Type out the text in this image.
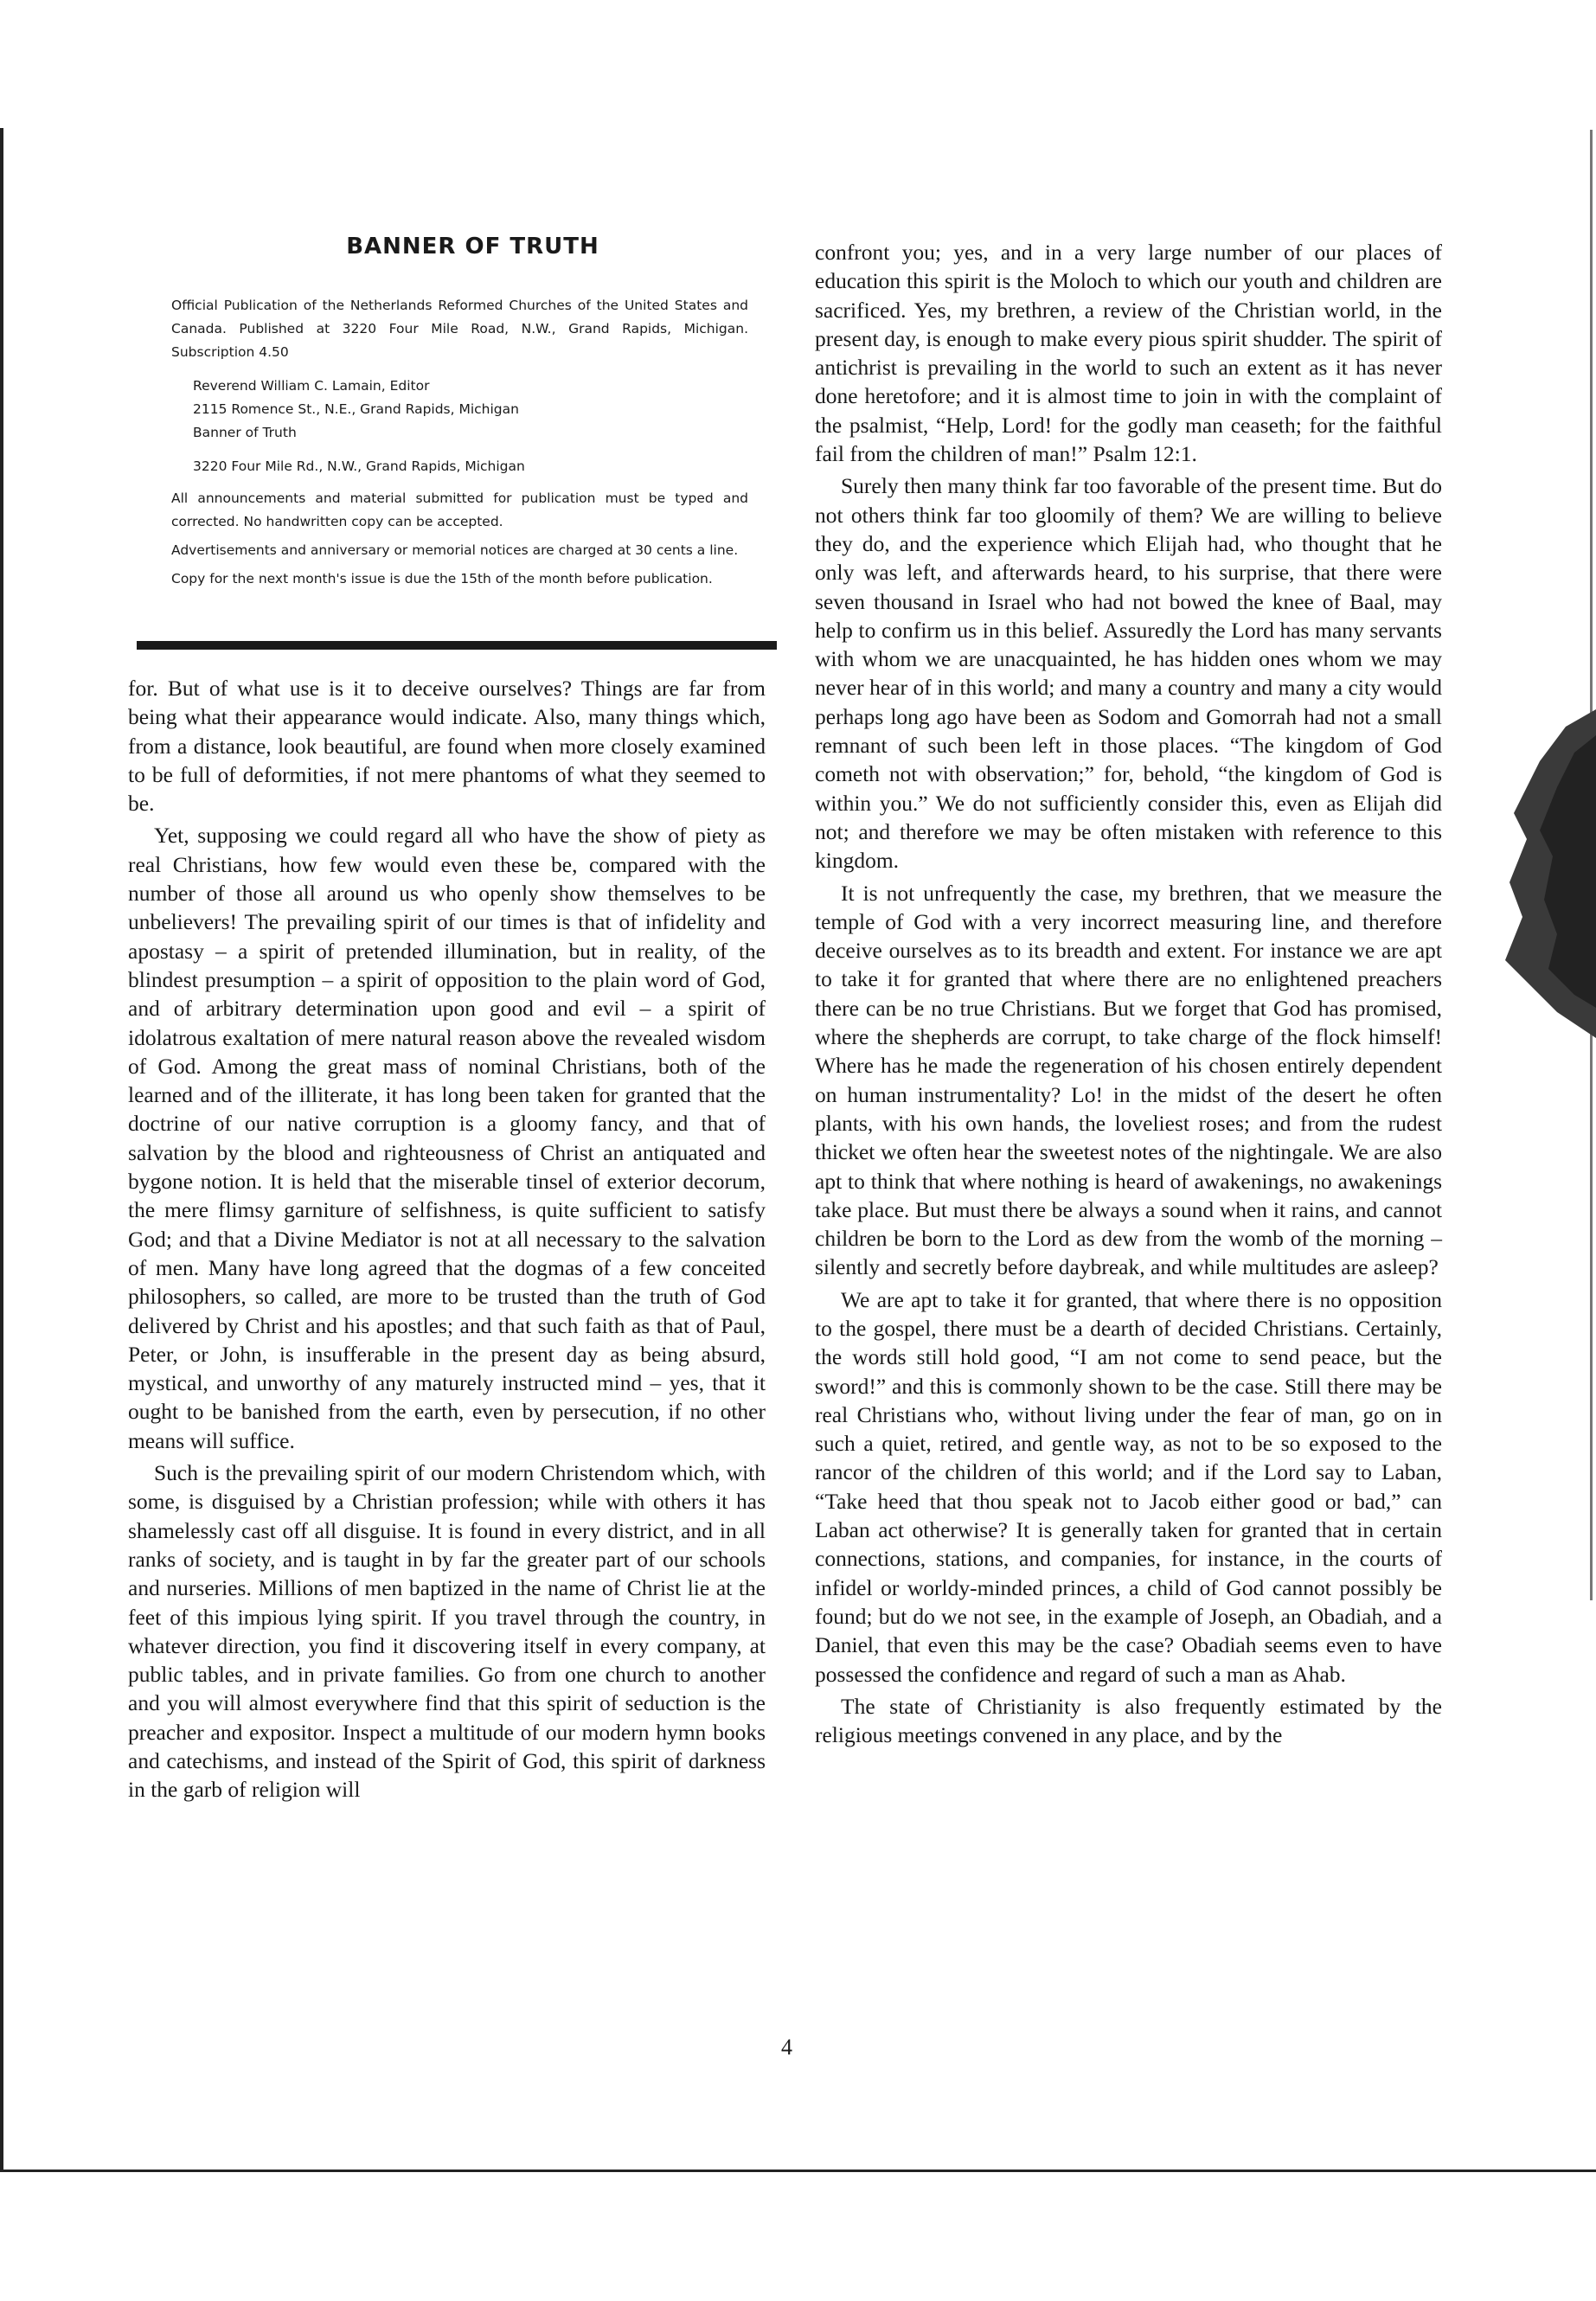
BANNER OF TRUTH

Official Publication of the Netherlands Reformed Churches of the United States and Canada. Published at 3220 Four Mile Road, N.W., Grand Rapids, Michigan. Subscription 4.50

Reverend William C. Lamain, Editor

2115 Romence St., N.E., Grand Rapids, Michigan

Banner of Truth

3220 Four Mile Rd., N.W., Grand Rapids, Michigan

All announcements and material submitted for publication must be typed and corrected. No handwritten copy can be accepted.

Advertisements and anniversary or memorial notices are charged at 30 cents a line.

Copy for the next month's issue is due the 15th of the month before publication.

for. But of what use is it to deceive ourselves? Things are far from being what their appearance would indicate. Also, many things which, from a distance, look beautiful, are found when more closely examined to be full of deformities, if not mere phantoms of what they seemed to be.

Yet, supposing we could regard all who have the show of piety as real Christians, how few would even these be, compared with the number of those all around us who openly show themselves to be unbelievers! The prevailing spirit of our times is that of infidelity and apostasy – a spirit of pretended illumination, but in reality, of the blindest presumption – a spirit of opposition to the plain word of God, and of arbitrary determination upon good and evil – a spirit of idolatrous exaltation of mere natural reason above the revealed wisdom of God. Among the great mass of nominal Christians, both of the learned and of the illiterate, it has long been taken for granted that the doctrine of our native corruption is a gloomy fancy, and that of salvation by the blood and righteousness of Christ an antiquated and bygone notion. It is held that the miserable tinsel of exterior decorum, the mere flimsy garniture of selfishness, is quite sufficient to satisfy God; and that a Divine Mediator is not at all necessary to the salvation of men. Many have long agreed that the dogmas of a few conceited philosophers, so called, are more to be trusted than the truth of God delivered by Christ and his apostles; and that such faith as that of Paul, Peter, or John, is insufferable in the present day as being absurd, mystical, and unworthy of any maturely instructed mind – yes, that it ought to be banished from the earth, even by persecution, if no other means will suffice.

Such is the prevailing spirit of our modern Christendom which, with some, is disguised by a Christian profession; while with others it has shamelessly cast off all disguise. It is found in every district, and in all ranks of society, and is taught in by far the greater part of our schools and nurseries. Millions of men baptized in the name of Christ lie at the feet of this impious lying spirit. If you travel through the country, in whatever direction, you find it discovering itself in every company, at public tables, and in private families. Go from one church to another and you will almost everywhere find that this spirit of seduction is the preacher and expositor. Inspect a multitude of our modern hymn books and catechisms, and instead of the Spirit of God, this spirit of darkness in the garb of religion will

confront you; yes, and in a very large number of our places of education this spirit is the Moloch to which our youth and children are sacrificed. Yes, my brethren, a review of the Christian world, in the present day, is enough to make every pious spirit shudder. The spirit of antichrist is prevailing in the world to such an extent as it has never done heretofore; and it is almost time to join in with the complaint of the psalmist, “Help, Lord! for the godly man ceaseth; for the faithful fail from the children of man!” Psalm 12:1.

Surely then many think far too favorable of the present time. But do not others think far too gloomily of them? We are willing to believe they do, and the experience which Elijah had, who thought that he only was left, and afterwards heard, to his surprise, that there were seven thousand in Israel who had not bowed the knee of Baal, may help to confirm us in this belief. Assuredly the Lord has many servants with whom we are unacquainted, he has hidden ones whom we may never hear of in this world; and many a country and many a city would perhaps long ago have been as Sodom and Gomorrah had not a small remnant of such been left in those places. “The kingdom of God cometh not with observation;” for, behold, “the kingdom of God is within you.” We do not sufficiently consider this, even as Elijah did not; and therefore we may be often mistaken with reference to this kingdom.

It is not unfrequently the case, my brethren, that we measure the temple of God with a very incorrect measuring line, and therefore deceive ourselves as to its breadth and extent. For instance we are apt to take it for granted that where there are no enlightened preachers there can be no true Christians. But we forget that God has promised, where the shepherds are corrupt, to take charge of the flock himself! Where has he made the regeneration of his chosen entirely dependent on human instrumentality? Lo! in the midst of the desert he often plants, with his own hands, the loveliest roses; and from the rudest thicket we often hear the sweetest notes of the nightingale. We are also apt to think that where nothing is heard of awakenings, no awakenings take place. But must there be always a sound when it rains, and cannot children be born to the Lord as dew from the womb of the morning – silently and secretly before daybreak, and while multitudes are asleep?

We are apt to take it for granted, that where there is no opposition to the gospel, there must be a dearth of decided Christians. Certainly, the words still hold good, “I am not come to send peace, but the sword!” and this is commonly shown to be the case. Still there may be real Christians who, without living under the fear of man, go on in such a quiet, retired, and gentle way, as not to be so exposed to the rancor of the children of this world; and if the Lord say to Laban, “Take heed that thou speak not to Jacob either good or bad,” can Laban act otherwise? It is generally taken for granted that in certain connections, stations, and companies, for instance, in the courts of infidel or worldy-minded princes, a child of God cannot possibly be found; but do we not see, in the example of Joseph, an Obadiah, and a Daniel, that even this may be the case? Obadiah seems even to have possessed the confidence and regard of such a man as Ahab.

The state of Christianity is also frequently estimated by the religious meetings convened in any place, and by the

4
